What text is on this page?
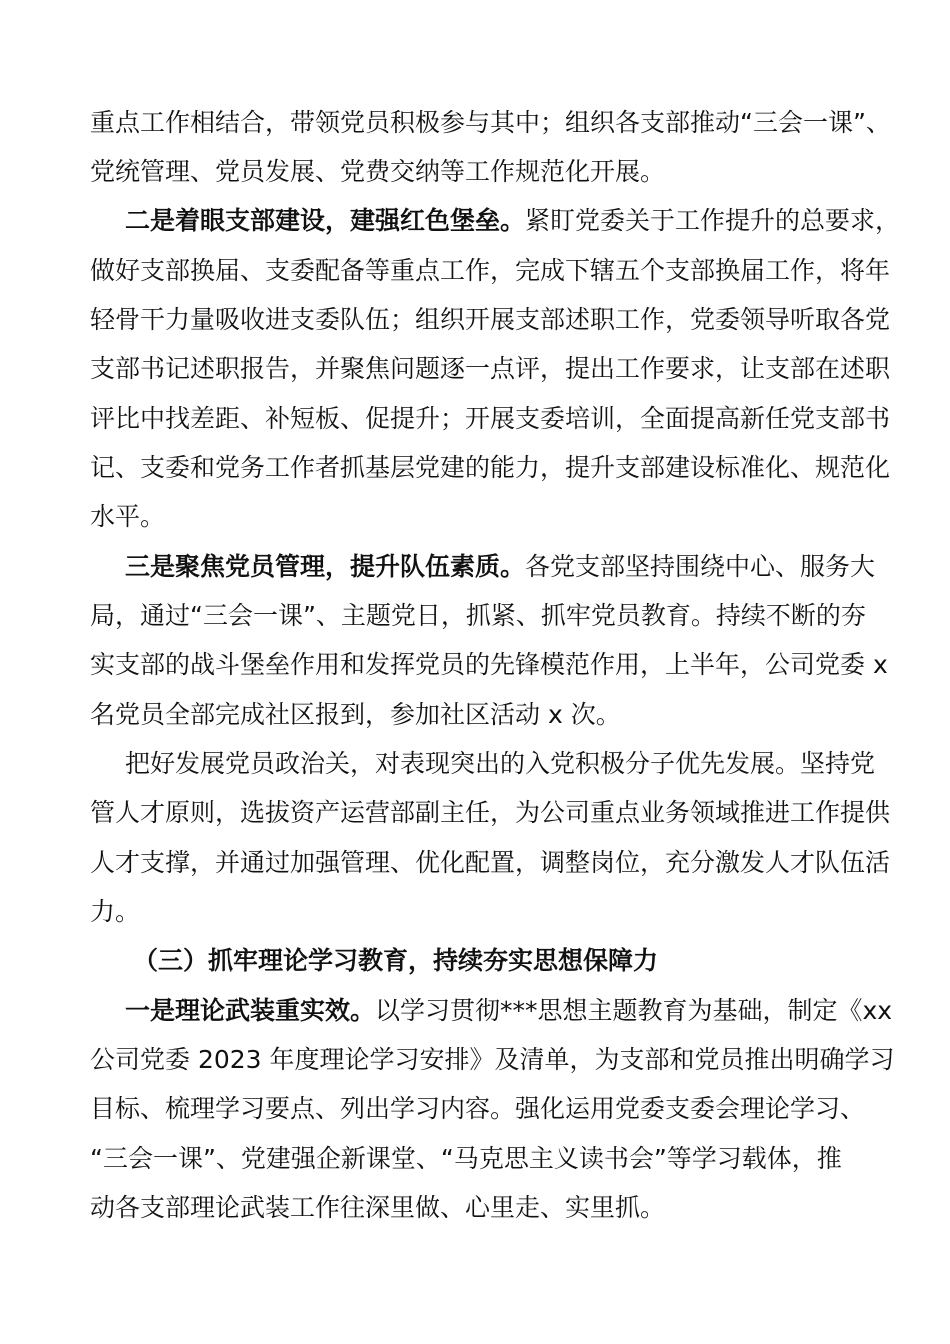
重点工作相结合，带领党员积极参与其中；组织各支部推动“三会一课”、
党统管理、党员发展、党费交纳等工作规范化开展。
二是着眼支部建设，建强红色堡垒。紧盯党委关于工作提升的总要求，
做好支部换届、支委配备等重点工作，完成下辖五个支部换届工作，将年
轻骨干力量吸收进支委队伍；组织开展支部述职工作，党委领导听取各党
支部书记述职报告，并聚焦问题逐一点评，提出工作要求，让支部在述职
评比中找差距、补短板、促提升；开展支委培训，全面提高新任党支部书
记、支委和党务工作者抓基层党建的能力，提升支部建设标准化、规范化
水平。
三是聚焦党员管理，提升队伍素质。各党支部坚持围绕中心、服务大
局，通过“三会一课”、主题党日，抓紧、抓牢党员教育。持续不断的夯
实支部的战斗堡垒作用和发挥党员的先锋模范作用，上半年，公司党委 x
名党员全部完成社区报到，参加社区活动 x 次。
把好发展党员政治关，对表现突出的入党积极分子优先发展。坚持党
管人才原则，选拔资产运营部副主任，为公司重点业务领域推进工作提供
人才支撑，并通过加强管理、优化配置，调整岗位，充分激发人才队伍活
力。
（三）抓牢理论学习教育，持续夯实思想保障力
一是理论武装重实效。以学习贯彻***思想主题教育为基础，制定《xx
公司党委 2023 年度理论学习安排》及清单，为支部和党员推出明确学习
目标、梳理学习要点、列出学习内容。强化运用党委支委会理论学习、
“三会一课”、党建强企新课堂、“马克思主义读书会”等学习载体，推
动各支部理论武装工作往深里做、心里走、实里抓。
